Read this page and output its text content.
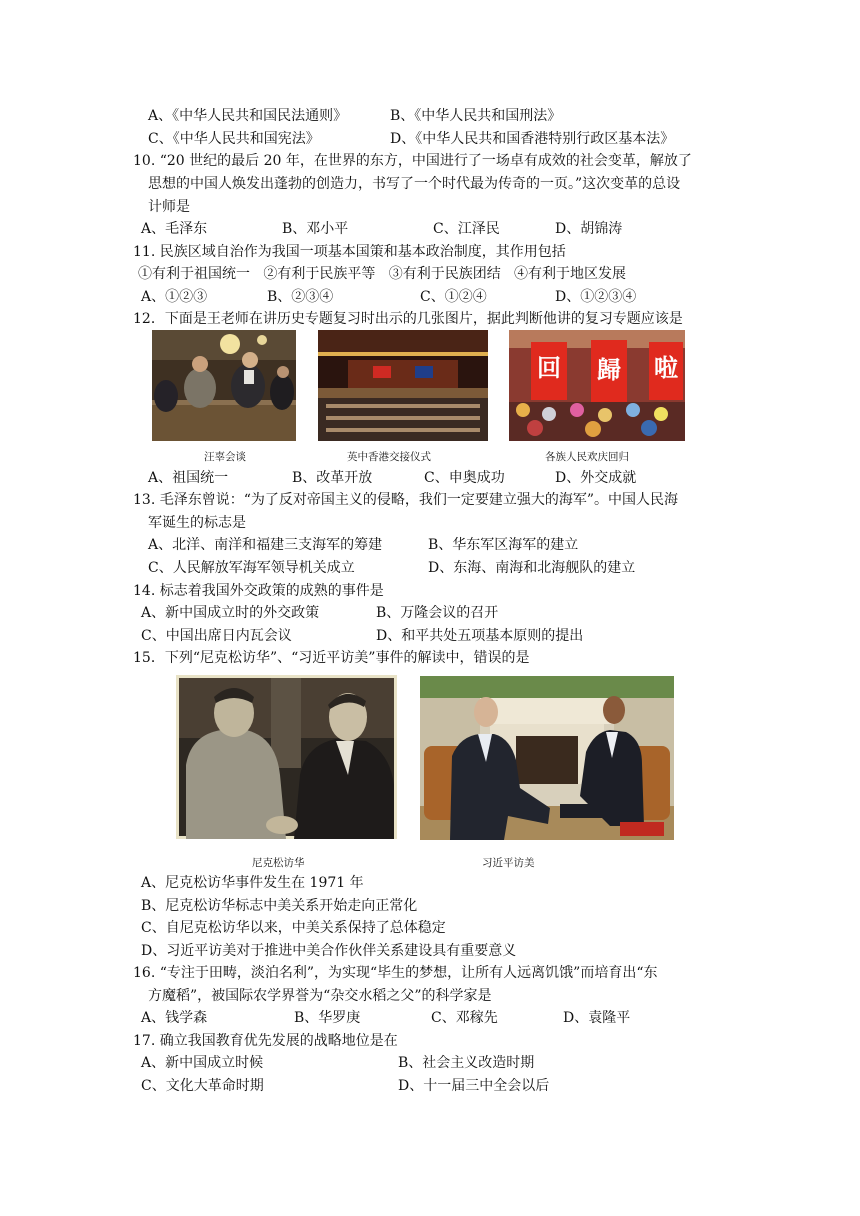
A、《中华人民共和国民法通则》	B、《中华人民共和国刑法》
C、《中华人民共和国宪法》	D、《中华人民共和国香港特别行政区基本法》
10. “20 世纪的最后 20 年，在世界的东方，中国进行了一场卓有成效的社会变革，解放了
思想的中国人焕发出蓬勃的创造力，书写了一个时代最为传奇的一页。”这次变革的总设
计师是
A、毛泽东	B、邓小平	C、江泽民	D、胡锦涛
11. 民族区域自治作为我国一项基本国策和基本政治制度，其作用包括
①有利于祖国统一   ②有利于民族平等   ③有利于民族团结   ④有利于地区发展
A、①②③	B、②③④	C、①②④	D、①②③④
12．下面是王老师在讲历史专题复习时出示的几张图片，据此判断他讲的复习专题应该是
回 歸 啦
汪辜会谈	英中香港交接仪式	各族人民欢庆回归
A、祖国统一	B、改革开放	C、申奥成功	D、外交成就
13. 毛泽东曾说：“为了反对帝国主义的侵略，我们一定要建立强大的海军”。中国人民海
军诞生的标志是
A、北洋、南洋和福建三支海军的筹建	B、华东军区海军的建立
C、人民解放军海军领导机关成立	D、东海、南海和北海舰队的建立
14. 标志着我国外交政策的成熟的事件是
A、新中国成立时的外交政策	B、万隆会议的召开
C、中国出席日内瓦会议	D、和平共处五项基本原则的提出
15．下列“尼克松访华”、“习近平访美”事件的解读中，错误的是
尼克松访华	习近平访美
A、尼克松访华事件发生在 1971 年
B、尼克松访华标志中美关系开始走向正常化
C、自尼克松访华以来，中美关系保持了总体稳定
D、习近平访美对于推进中美合作伙伴关系建设具有重要意义
16. “专注于田畴，淡泊名利”，为实现“毕生的梦想，让所有人远离饥饿”而培育出“东
方魔稻”，被国际农学界誉为“杂交水稻之父”的科学家是
A、钱学森	B、华罗庚	C、邓稼先	D、袁隆平
17. 确立我国教育优先发展的战略地位是在
A、新中国成立时候	B、社会主义改造时期
C、文化大革命时期	D、十一届三中全会以后
